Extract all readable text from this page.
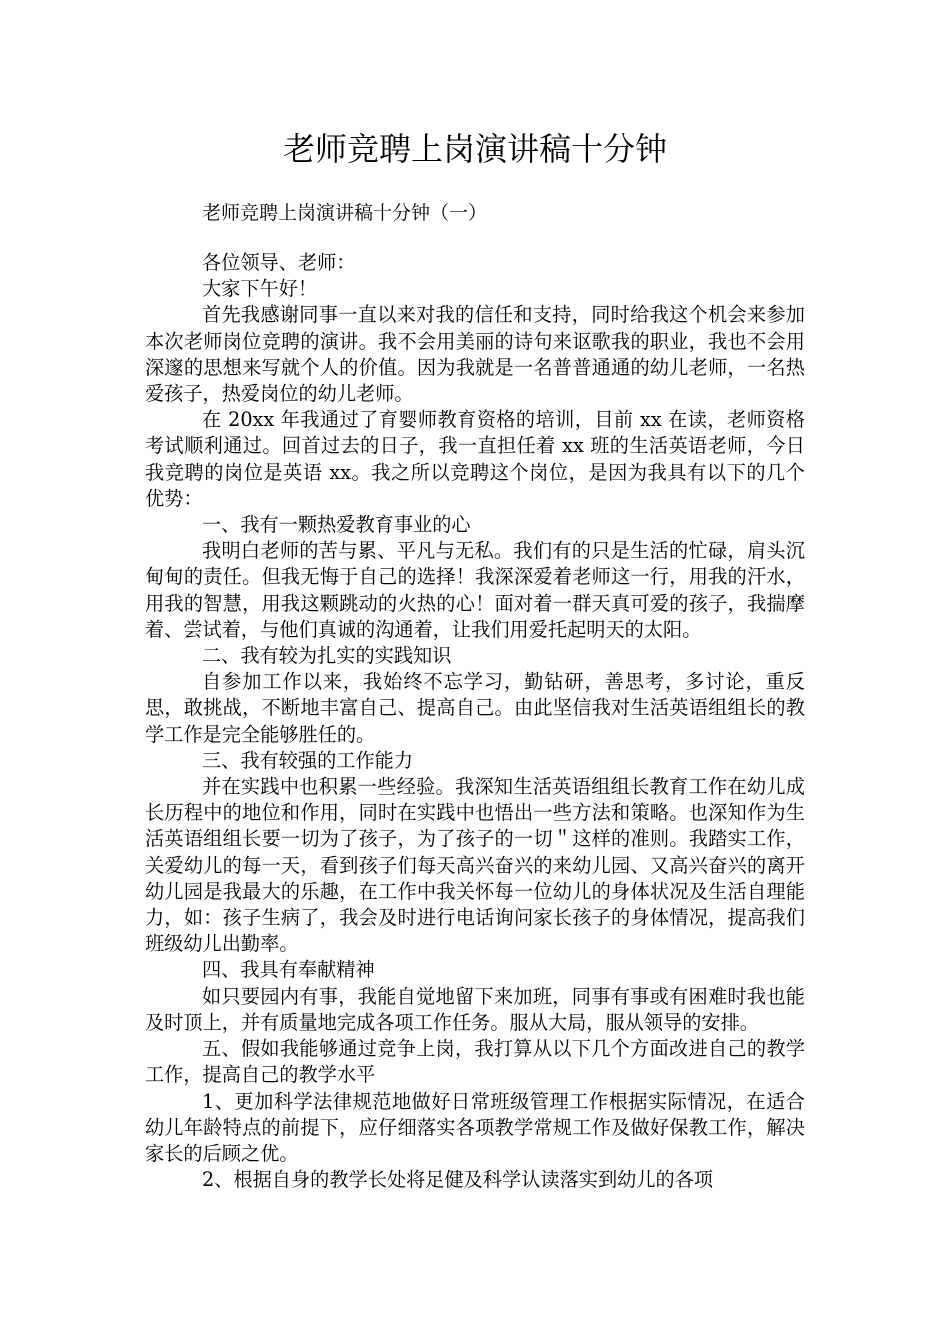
老师竞聘上岗演讲稿十分钟

老师竞聘上岗演讲稿十分钟（一）

各位领导、老师：

大家下午好！

首先我感谢同事一直以来对我的信任和支持，同时给我这个机会来参加本次老师岗位竞聘的演讲。我不会用美丽的诗句来讴歌我的职业，我也不会用深邃的思想来写就个人的价值。因为我就是一名普普通通的幼儿老师，一名热爱孩子，热爱岗位的幼儿老师。

在 20xx 年我通过了育婴师教育资格的培训，目前 xx 在读，老师资格考试顺利通过。回首过去的日子，我一直担任着 xx 班的生活英语老师，今日我竞聘的岗位是英语 xx。我之所以竞聘这个岗位，是因为我具有以下的几个优势：

一、我有一颗热爱教育事业的心

我明白老师的苦与累、平凡与无私。我们有的只是生活的忙碌，肩头沉甸甸的责任。但我无悔于自己的选择！我深深爱着老师这一行，用我的汗水，用我的智慧，用我这颗跳动的火热的心！面对着一群天真可爱的孩子，我揣摩着、尝试着，与他们真诚的沟通着，让我们用爱托起明天的太阳。

二、我有较为扎实的实践知识

自参加工作以来，我始终不忘学习，勤钻研，善思考，多讨论，重反思，敢挑战，不断地丰富自己、提高自己。由此坚信我对生活英语组组长的教学工作是完全能够胜任的。

三、我有较强的工作能力

并在实践中也积累一些经验。我深知生活英语组组长教育工作在幼儿成长历程中的地位和作用，同时在实践中也悟出一些方法和策略。也深知作为生活英语组组长要一切为了孩子，为了孩子的一切＂这样的准则。我踏实工作，关爱幼儿的每一天，看到孩子们每天高兴奋兴的来幼儿园、又高兴奋兴的离开幼儿园是我最大的乐趣，在工作中我关怀每一位幼儿的身体状况及生活自理能力，如：孩子生病了，我会及时进行电话询问家长孩子的身体情况，提高我们班级幼儿出勤率。

四、我具有奉献精神

如只要园内有事，我能自觉地留下来加班，同事有事或有困难时我也能及时顶上，并有质量地完成各项工作任务。服从大局，服从领导的安排。

五、假如我能够通过竞争上岗，我打算从以下几个方面改进自己的教学工作，提高自己的教学水平

1、更加科学法律规范地做好日常班级管理工作根据实际情况，在适合幼儿年龄特点的前提下，应仔细落实各项教学常规工作及做好保教工作，解决家长的后顾之优。

2、根据自身的教学长处将足健及科学认读落实到幼儿的各项
